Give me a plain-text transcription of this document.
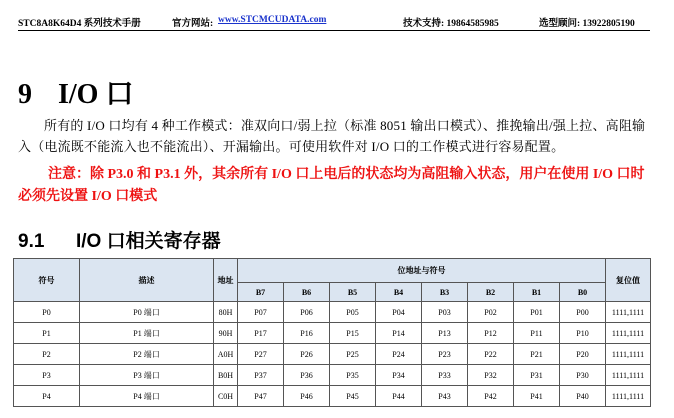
STC8A8K64D4 系列技术手册	官方网站: www.STCMCUDATA.com	技术支持: 19864585985	选型顾问: 13922805190
9 I/O 口

所有的 I/O 口均有 4 种工作模式：准双向口/弱上拉（标准 8051 输出口模式）、推挽输出/强上拉、高阻输入（电流既不能流入也不能流出）、开漏输出。可使用软件对 I/O 口的工作模式进行容易配置。

注意：除 P3.0 和 P3.1 外，其余所有 I/O 口上电后的状态均为高阻输入状态，用户在使用 I/O 口时必须先设置 I/O 口模式

9.1 I/O 口相关寄存器
符号	描述	地址	位地址与符号								复位值
			B7	B6	B5	B4	B3	B2	B1	B0	
P0	P0 端口	80H	P07	P06	P05	P04	P03	P02	P01	P00	1111,1111
P1	P1 端口	90H	P17	P16	P15	P14	P13	P12	P11	P10	1111,1111
P2	P2 端口	A0H	P27	P26	P25	P24	P23	P22	P21	P20	1111,1111
P3	P3 端口	B0H	P37	P36	P35	P34	P33	P32	P31	P30	1111,1111
P4	P4 端口	C0H	P47	P46	P45	P44	P43	P42	P41	P40	1111,1111
